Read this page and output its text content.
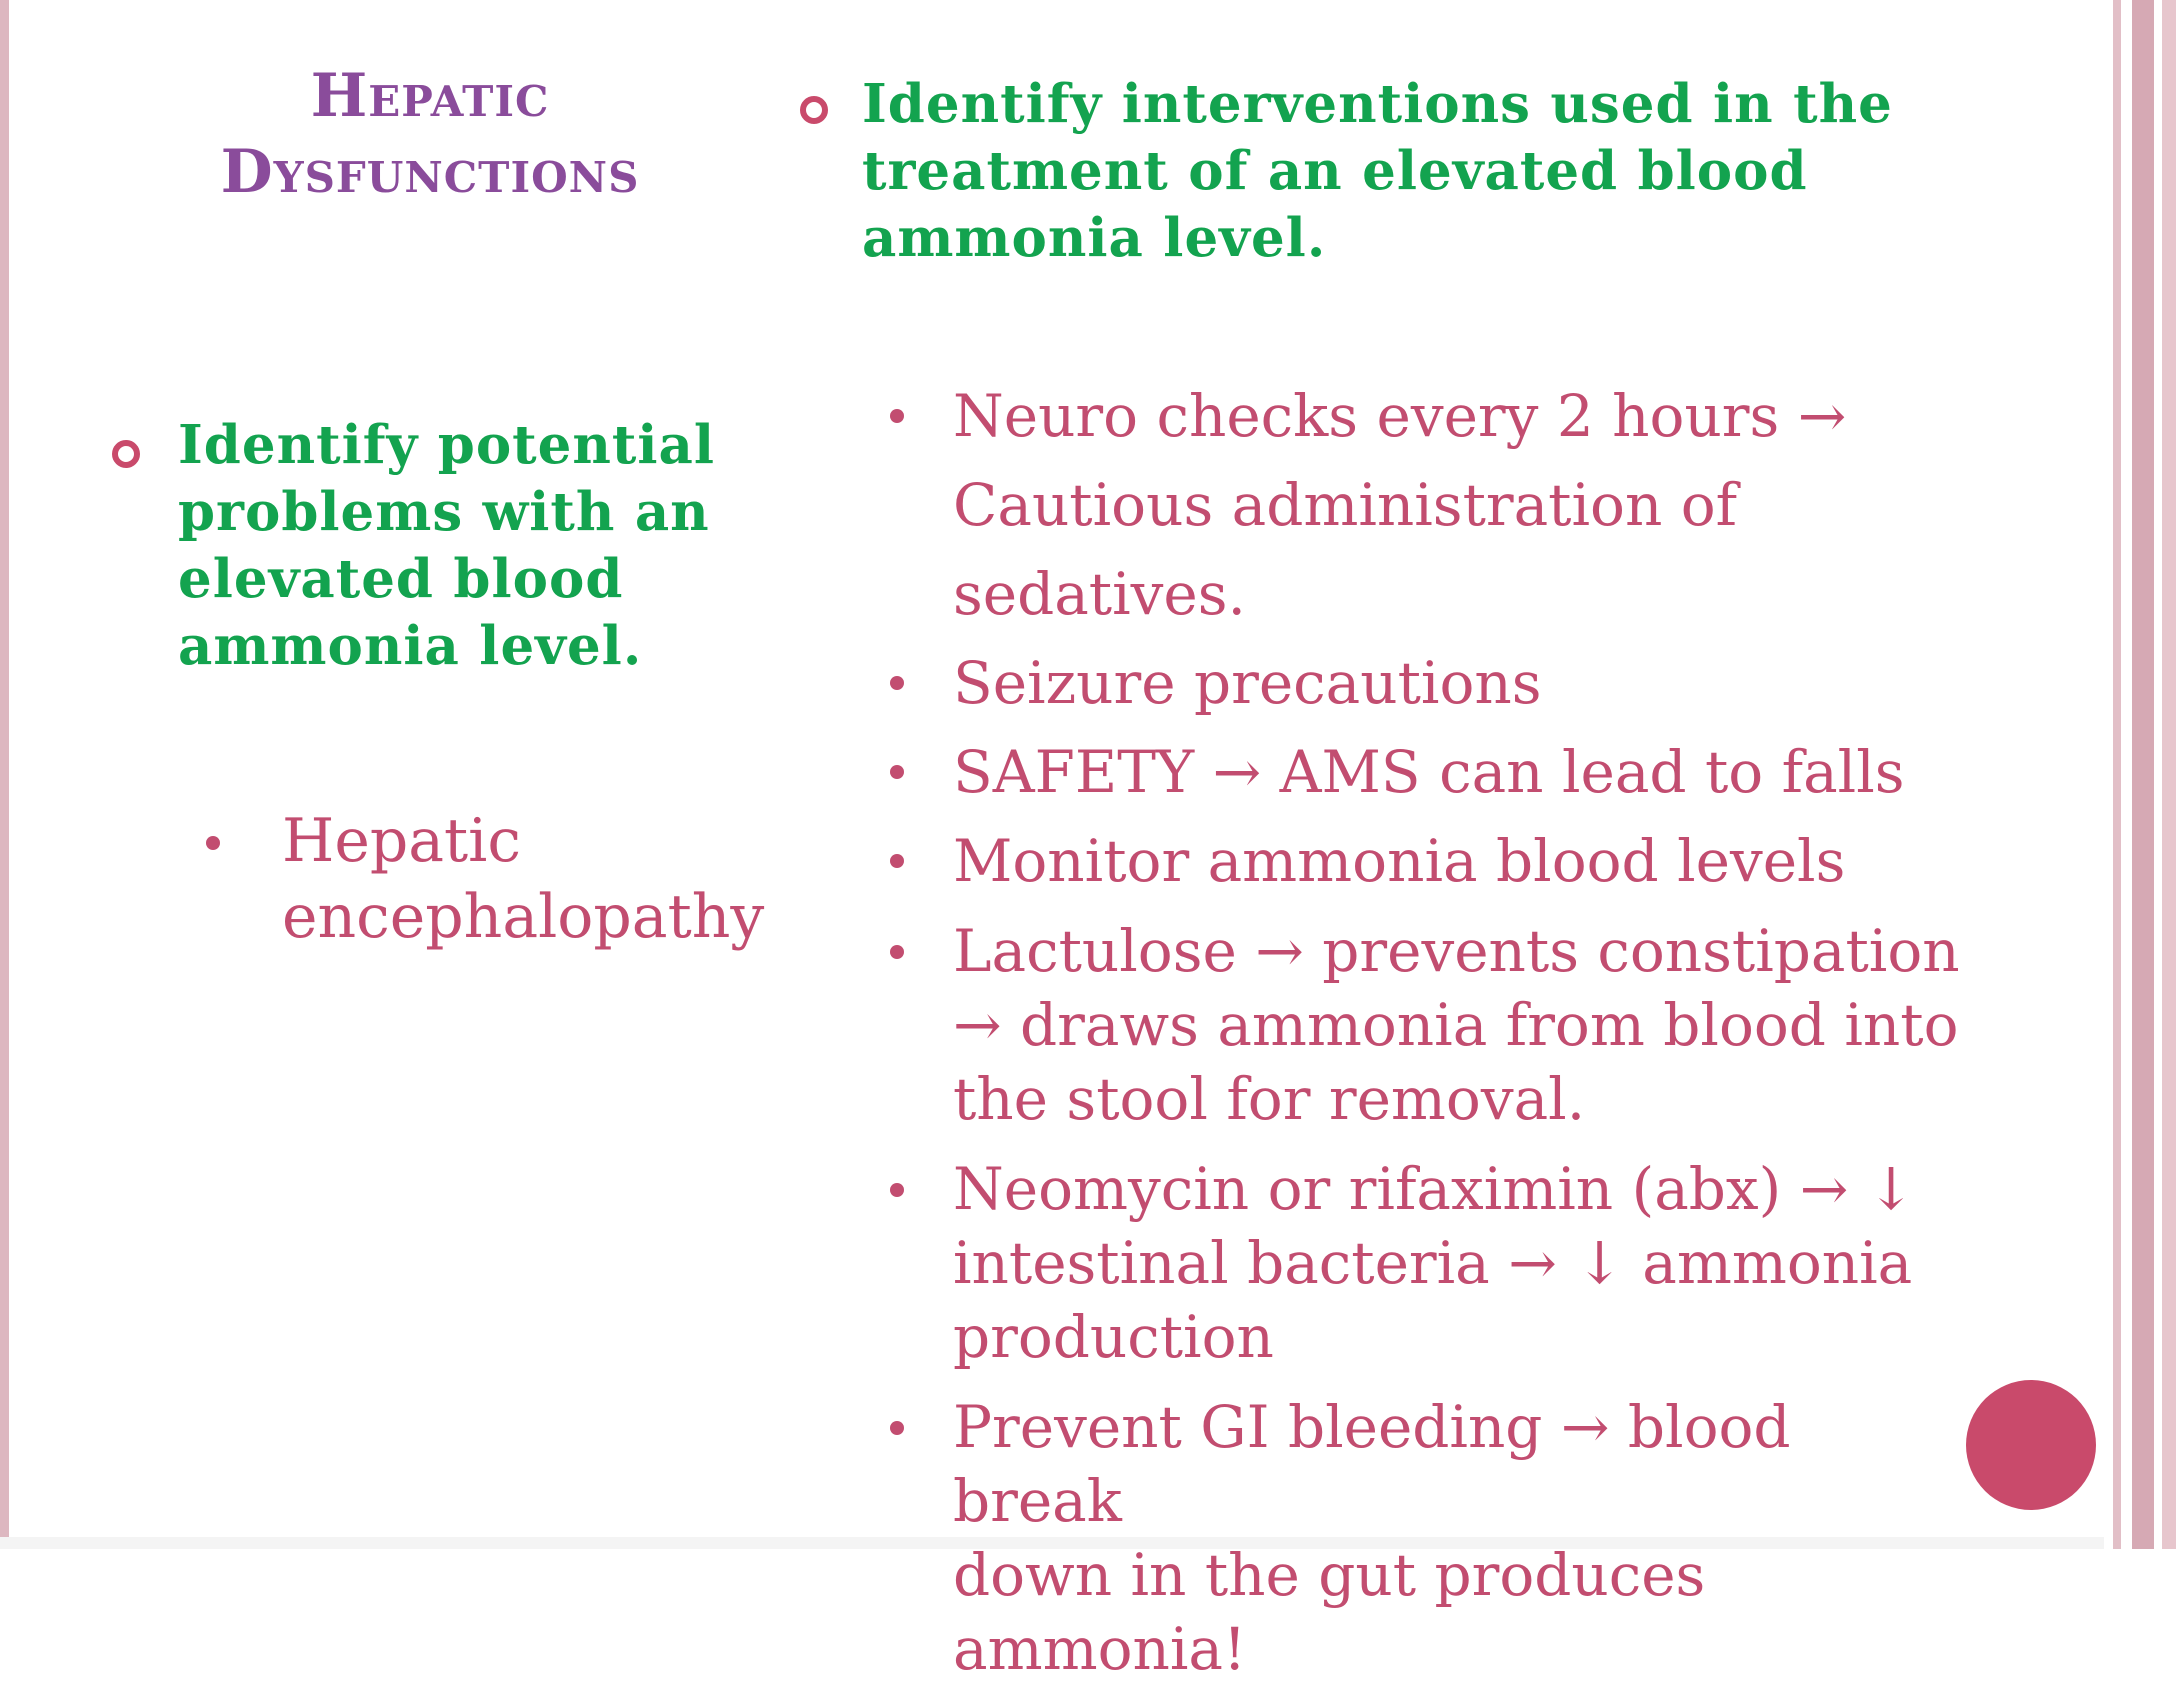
Hepatic
Dysfunctions
Identify interventions used in the
treatment of an elevated blood
ammonia level.
Identify potential
problems with an
elevated blood
ammonia level.
Hepatic
encephalopathy
Neuro checks every 2 hours →
Cautious administration of
sedatives.
Seizure precautions
SAFETY → AMS can lead to falls
Monitor ammonia blood levels
Lactulose → prevents constipation
→ draws ammonia from blood into
the stool for removal.
Neomycin or rifaximin (abx) → ↓
intestinal bacteria → ↓ ammonia
production
Prevent GI bleeding → blood break
down in the gut produces ammonia!
